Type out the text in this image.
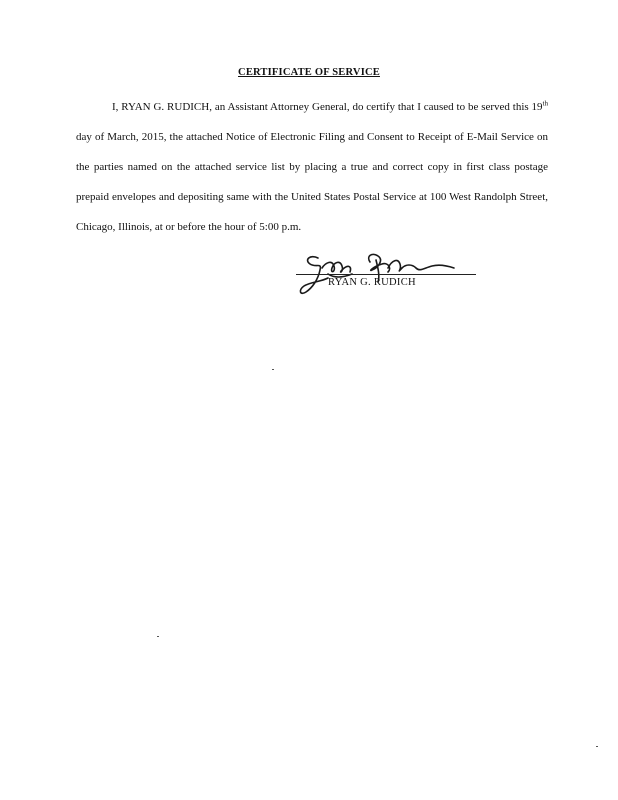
CERTIFICATE OF SERVICE

I, RYAN G. RUDICH, an Assistant Attorney General, do certify that I caused to be served this 19th day of March, 2015, the attached Notice of Electronic Filing and Consent to Receipt of E-Mail Service on the parties named on the attached service list by placing a true and correct copy in first class postage prepaid envelopes and depositing same with the United States Postal Service at 100 West Randolph Street, Chicago, Illinois, at or before the hour of 5:00 p.m.

RYAN G. RUDICH
